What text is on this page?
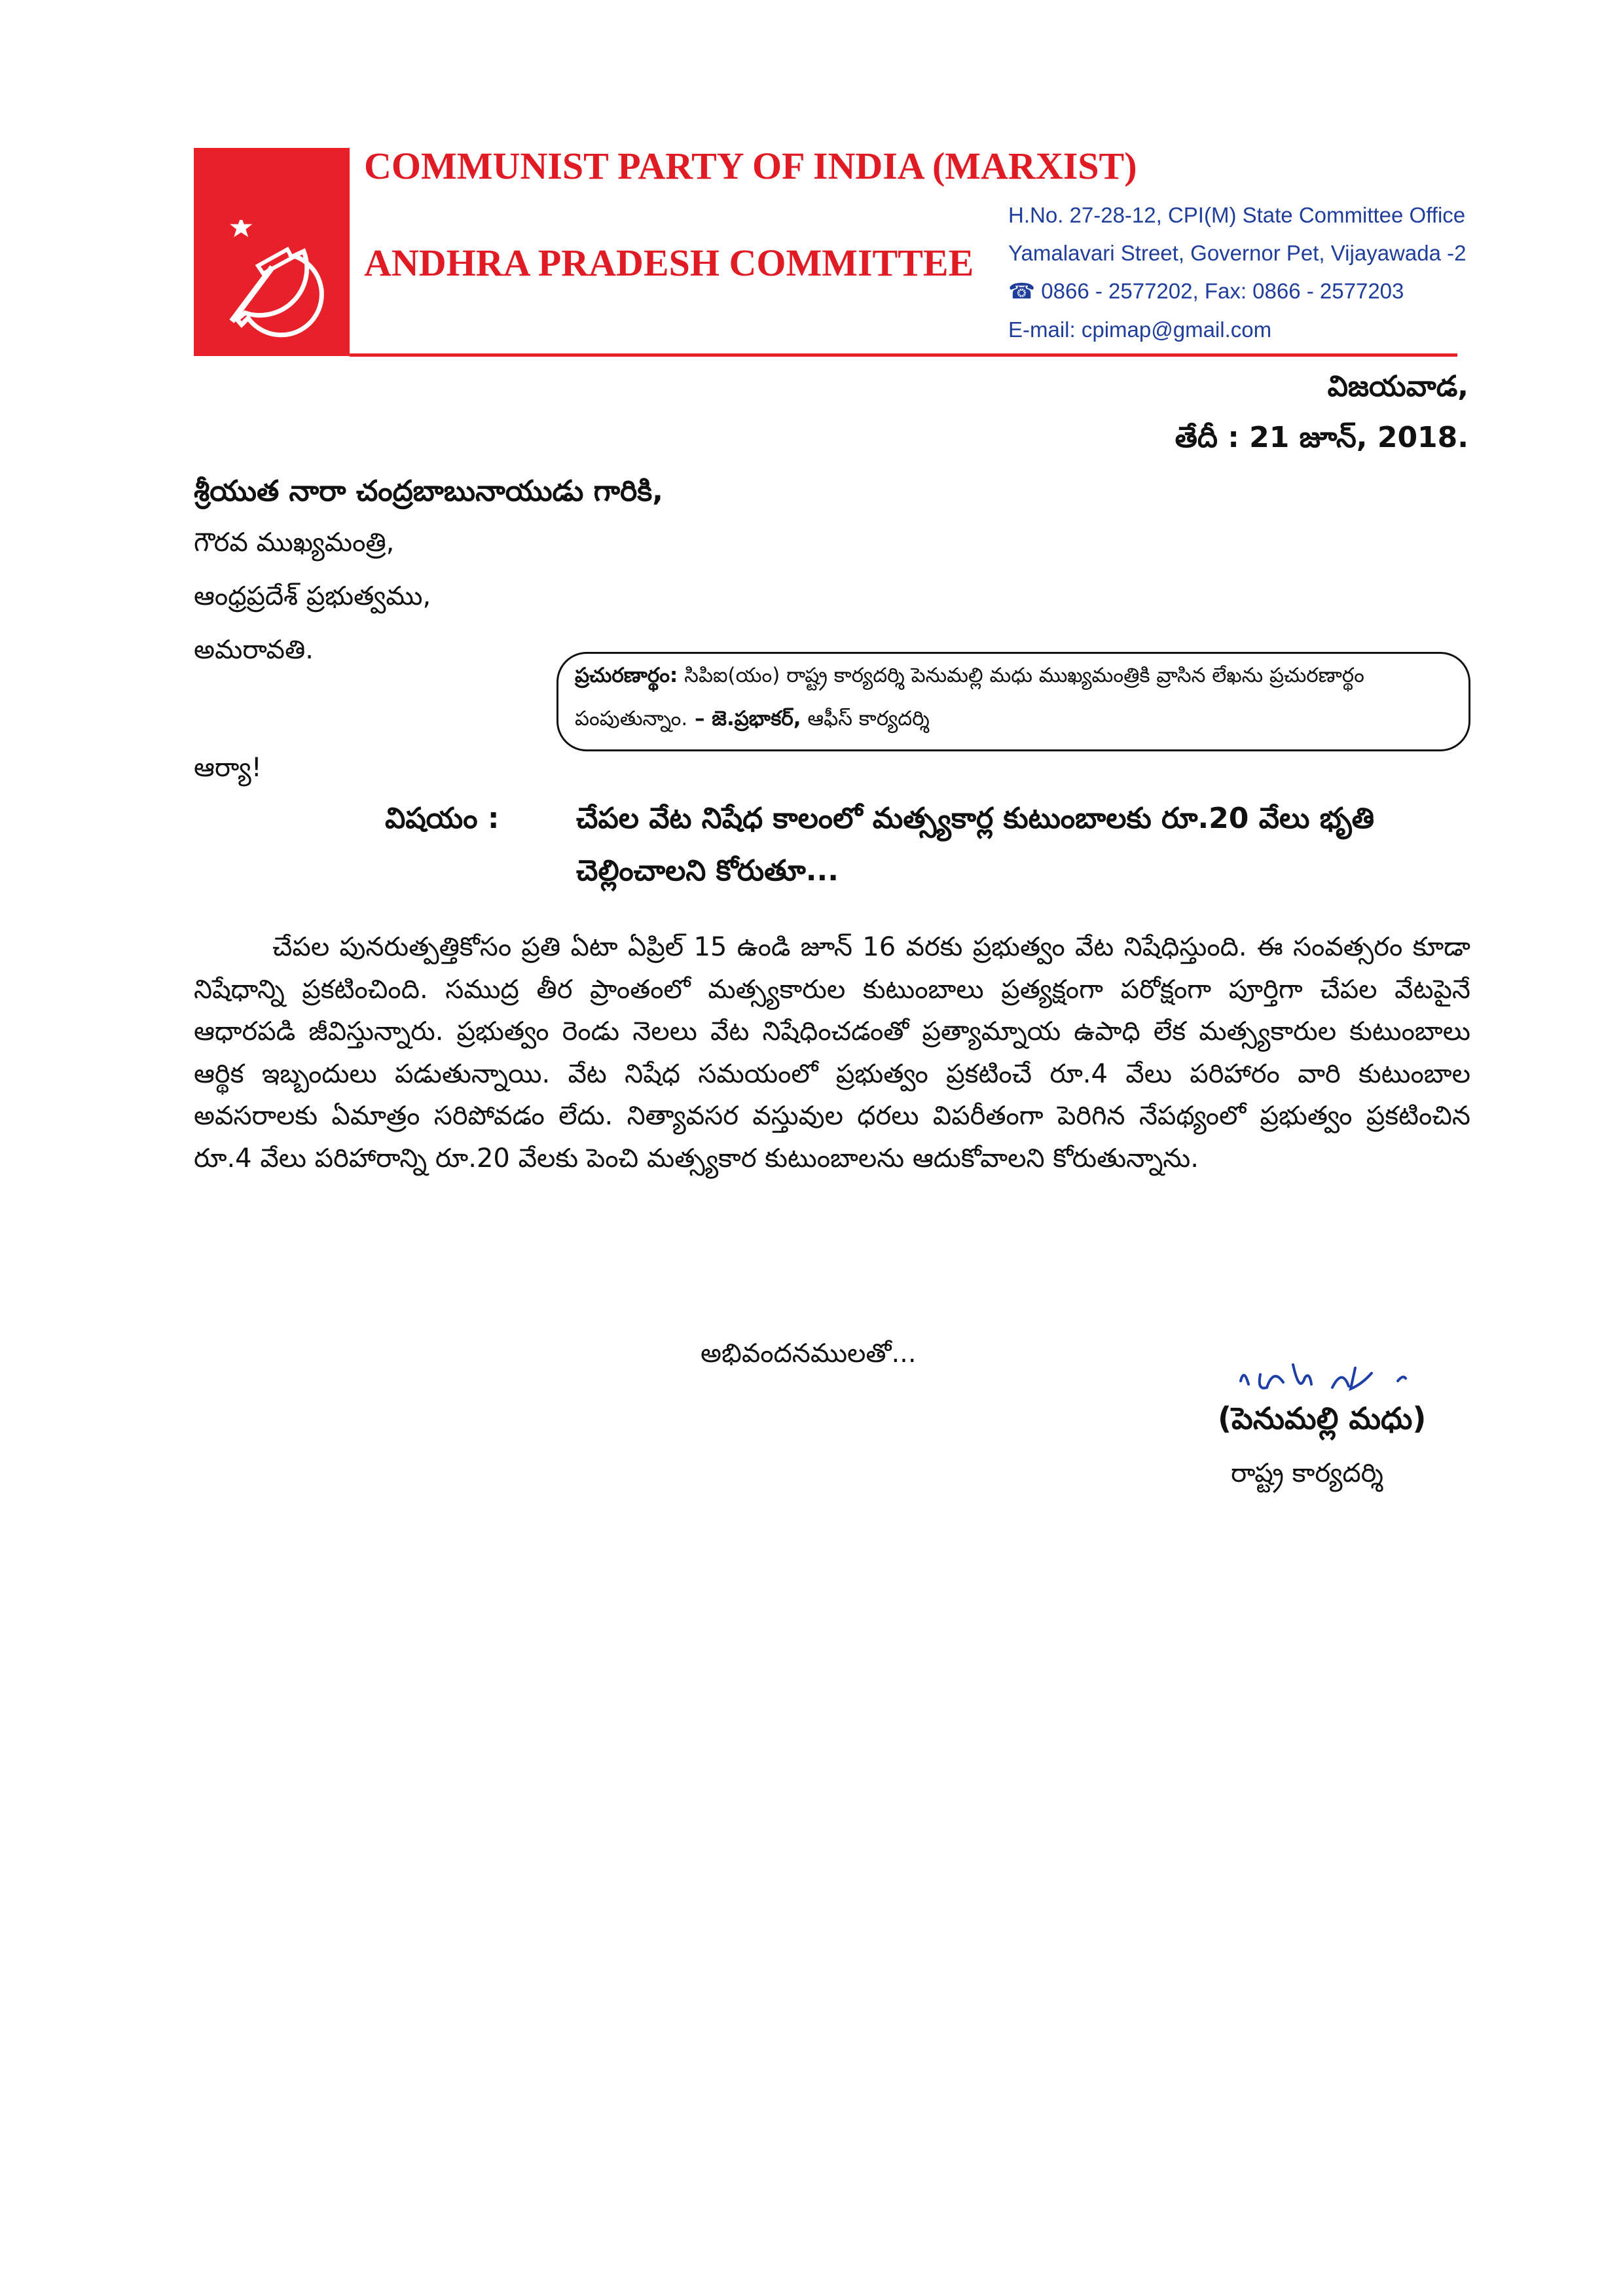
COMMUNIST PARTY OF INDIA (MARXIST)
ANDHRA PRADESH COMMITTEE
H.No. 27-28-12, CPI(M) State Committee Office
Yamalavari Street, Governor Pet, Vijayawada -2
☎ 0866 - 2577202, Fax: 0866 - 2577203
E-mail: cpimap@gmail.com
విజయవాడ,
తేదీ : 21 జూన్, 2018.
శ్రీయుత నారా చంద్రబాబునాయుడు గారికి,
గౌరవ ముఖ్యమంత్రి,
ఆంధ్రప్రదేశ్ ప్రభుత్వము,
అమరావతి.
ప్రచురణార్థం: సిపిఐ(యం) రాష్ట్ర కార్యదర్శి పెనుమల్లి మధు ముఖ్యమంత్రికి వ్రాసిన లేఖను ప్రచురణార్థం
పంపుతున్నాం. – జె.ప్రభాకర్, ఆఫీస్ కార్యదర్శి
ఆర్యా!
విషయం :	చేపల వేట నిషేధ కాలంలో మత్స్యకార్ల కుటుంబాలకు రూ.20 వేలు భృతి
చెల్లించాలని కోరుతూ...
చేపల పునరుత్పత్తికోసం ప్రతి ఏటా ఏప్రిల్ 15 ఉండి జూన్ 16 వరకు ప్రభుత్వం వేట నిషేధిస్తుంది. ఈ సంవత్సరం కూడా నిషేధాన్ని ప్రకటించింది. సముద్ర తీర ప్రాంతంలో మత్స్యకారుల కుటుంబాలు ప్రత్యక్షంగా పరోక్షంగా పూర్తిగా చేపల వేటపైనే ఆధారపడి జీవిస్తున్నారు. ప్రభుత్వం రెండు నెలలు వేట నిషేధించడంతో ప్రత్యామ్నాయ ఉపాధి లేక మత్స్యకారుల కుటుంబాలు ఆర్థిక ఇబ్బందులు పడుతున్నాయి. వేట నిషేధ సమయంలో ప్రభుత్వం ప్రకటించే రూ.4 వేలు పరిహారం వారి కుటుంబాల అవసరాలకు ఏమాత్రం సరిపోవడం లేదు. నిత్యావసర వస్తువుల ధరలు విపరీతంగా పెరిగిన నేపథ్యంలో ప్రభుత్వం ప్రకటించిన రూ.4 వేలు పరిహారాన్ని రూ.20 వేలకు పెంచి మత్స్యకార కుటుంబాలను ఆదుకోవాలని కోరుతున్నాను.
అభివందనములతో...
(పెనుమల్లి మధు)
రాష్ట్ర కార్యదర్శి
